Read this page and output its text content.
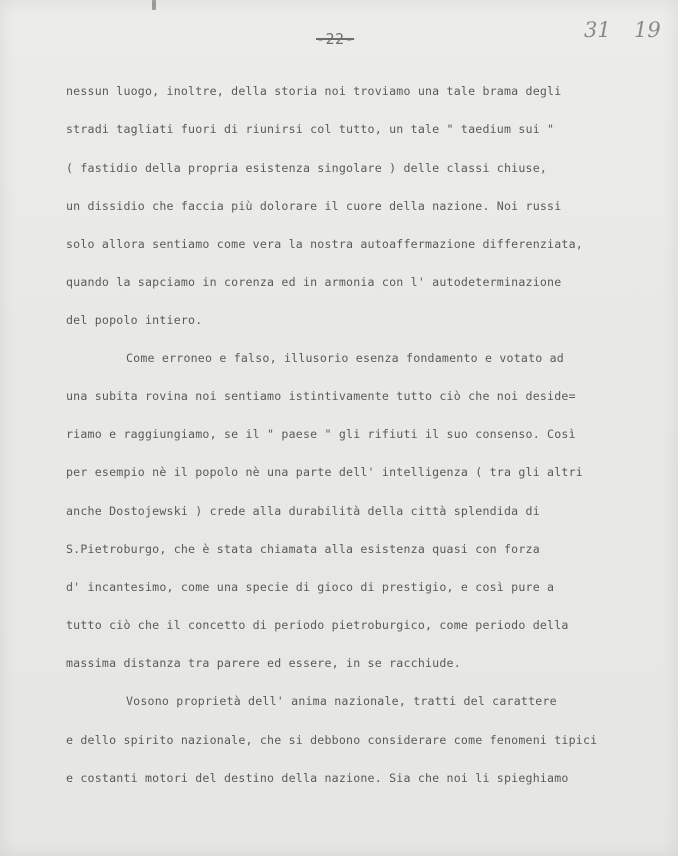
-22-	31 19
nessun luogo, inoltre, della storia noi troviamo una tale brama degli
stradi tagliati fuori di riunirsi col tutto, un tale " taedium sui "
( fastidio della propria esistenza singolare ) delle classi chiuse,
un dissidio che faccia più dolorare il cuore della nazione. Noi russi
solo allora sentiamo come vera la nostra autoaffermazione differenziata,
quando la sapciamo in corenza ed in armonia con l' autodeterminazione
del popolo intiero.
Come erroneo e falso, illusorio esenza fondamento e votato ad
una subita rovina noi sentiamo istintivamente tutto ciò che noi deside=
riamo e raggiungiamo, se il " paese " gli rifiuti il suo consenso. Così
per esempio nè il popolo nè una parte dell' intelligenza ( tra gli altri
anche Dostojewski ) crede alla durabilità della città splendida di
S.Pietroburgo, che è stata chiamata alla esistenza quasi con forza
d' incantesimo, come una specie di gioco di prestigio, e così pure a
tutto ciò che il concetto di periodo pietroburgico, come periodo della
massima distanza tra parere ed essere, in se racchiude.
Vosono proprietà dell' anima nazionale, tratti del carattere
e dello spirito nazionale, che si debbono considerare come fenomeni tipici
e costanti motori del destino della nazione. Sia che noi li spieghiamo
